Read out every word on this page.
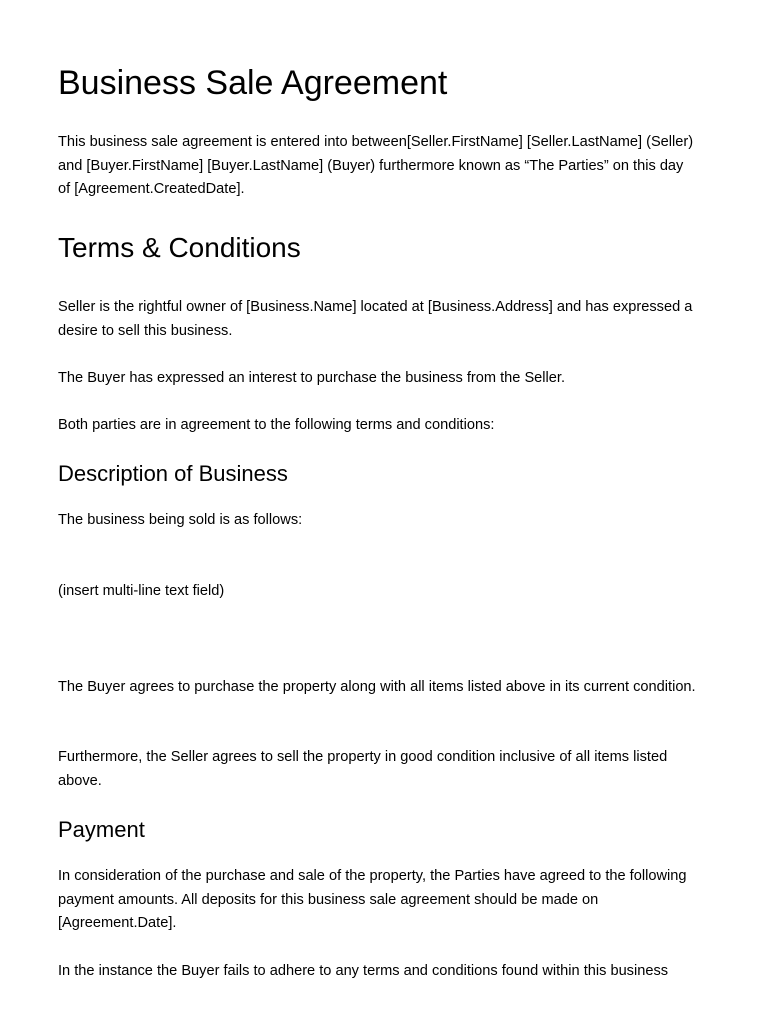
Business Sale Agreement

This business sale agreement is entered into between[Seller.FirstName] [Seller.LastName] (Seller) and [Buyer.FirstName] [Buyer.LastName] (Buyer) furthermore known as “The Parties” on this day of [Agreement.CreatedDate].

Terms & Conditions

Seller is the rightful owner of [Business.Name] located at [Business.Address] and has expressed a desire to sell this business.

The Buyer has expressed an interest to purchase the business from the Seller.

Both parties are in agreement to the following terms and conditions:

Description of Business

The business being sold is as follows:

(insert multi-line text field)

The Buyer agrees to purchase the property along with all items listed above in its current condition.

Furthermore, the Seller agrees to sell the property in good condition inclusive of all items listed above.

Payment

In consideration of the purchase and sale of the property, the Parties have agreed to the following payment amounts. All deposits for this business sale agreement should be made on [Agreement.Date].

In the instance the Buyer fails to adhere to any terms and conditions found within this business
